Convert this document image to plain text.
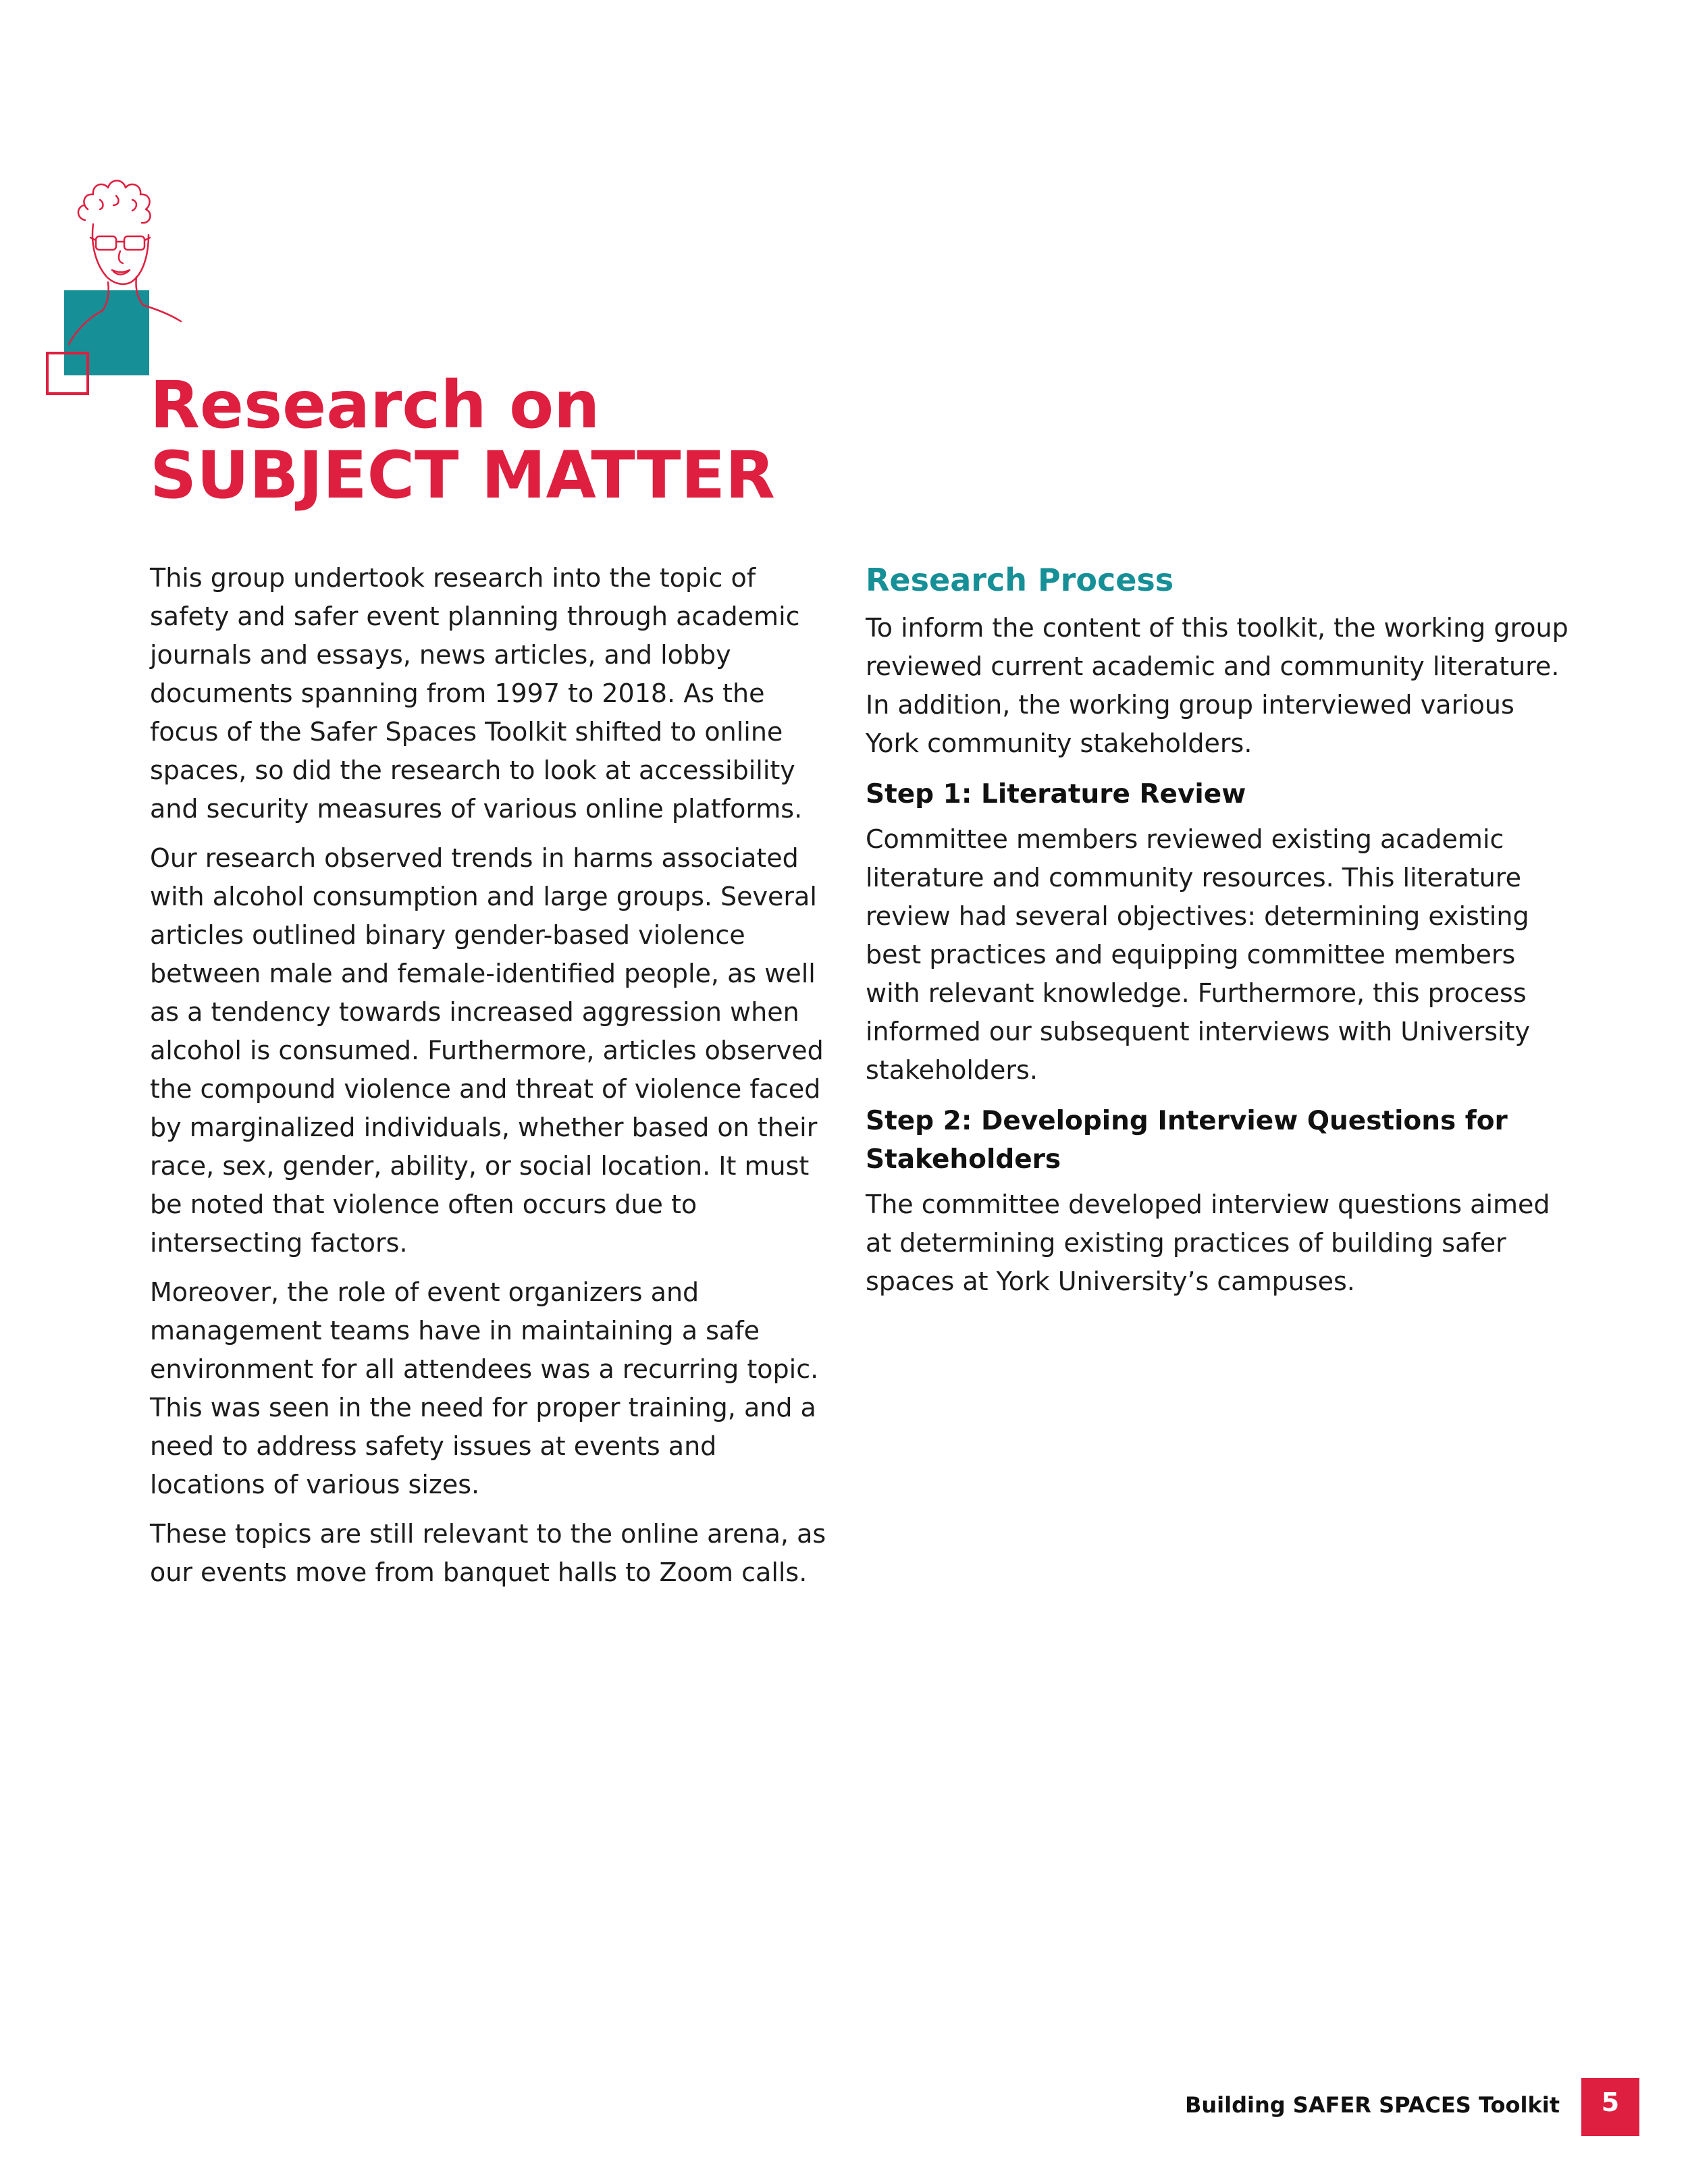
Research on
SUBJECT MATTER

This group undertook research into the topic of safety and safer event planning through academic journals and essays, news articles, and lobby documents spanning from 1997 to 2018. As the focus of the Safer Spaces Toolkit shifted to online spaces, so did the research to look at accessibility and security measures of various online platforms.

Our research observed trends in harms associated with alcohol consumption and large groups. Several articles outlined binary gender-based violence between male and female-identified people, as well as a tendency towards increased aggression when alcohol is consumed. Furthermore, articles observed the compound violence and threat of violence faced by marginalized individuals, whether based on their race, sex, gender, ability, or social location. It must be noted that violence often occurs due to intersecting factors.

Moreover, the role of event organizers and management teams have in maintaining a safe environment for all attendees was a recurring topic. This was seen in the need for proper training, and a need to address safety issues at events and locations of various sizes.

These topics are still relevant to the online arena, as our events move from banquet halls to Zoom calls.

Research Process

To inform the content of this toolkit, the working group reviewed current academic and community literature. In addition, the working group interviewed various York community stakeholders.

Step 1: Literature Review

Committee members reviewed existing academic literature and community resources. This literature review had several objectives: determining existing best practices and equipping committee members with relevant knowledge. Furthermore, this process informed our subsequent interviews with University stakeholders.

Step 2: Developing Interview Questions for Stakeholders

The committee developed interview questions aimed at determining existing practices of building safer spaces at York University’s campuses.

Building SAFER SPACES Toolkit	5
